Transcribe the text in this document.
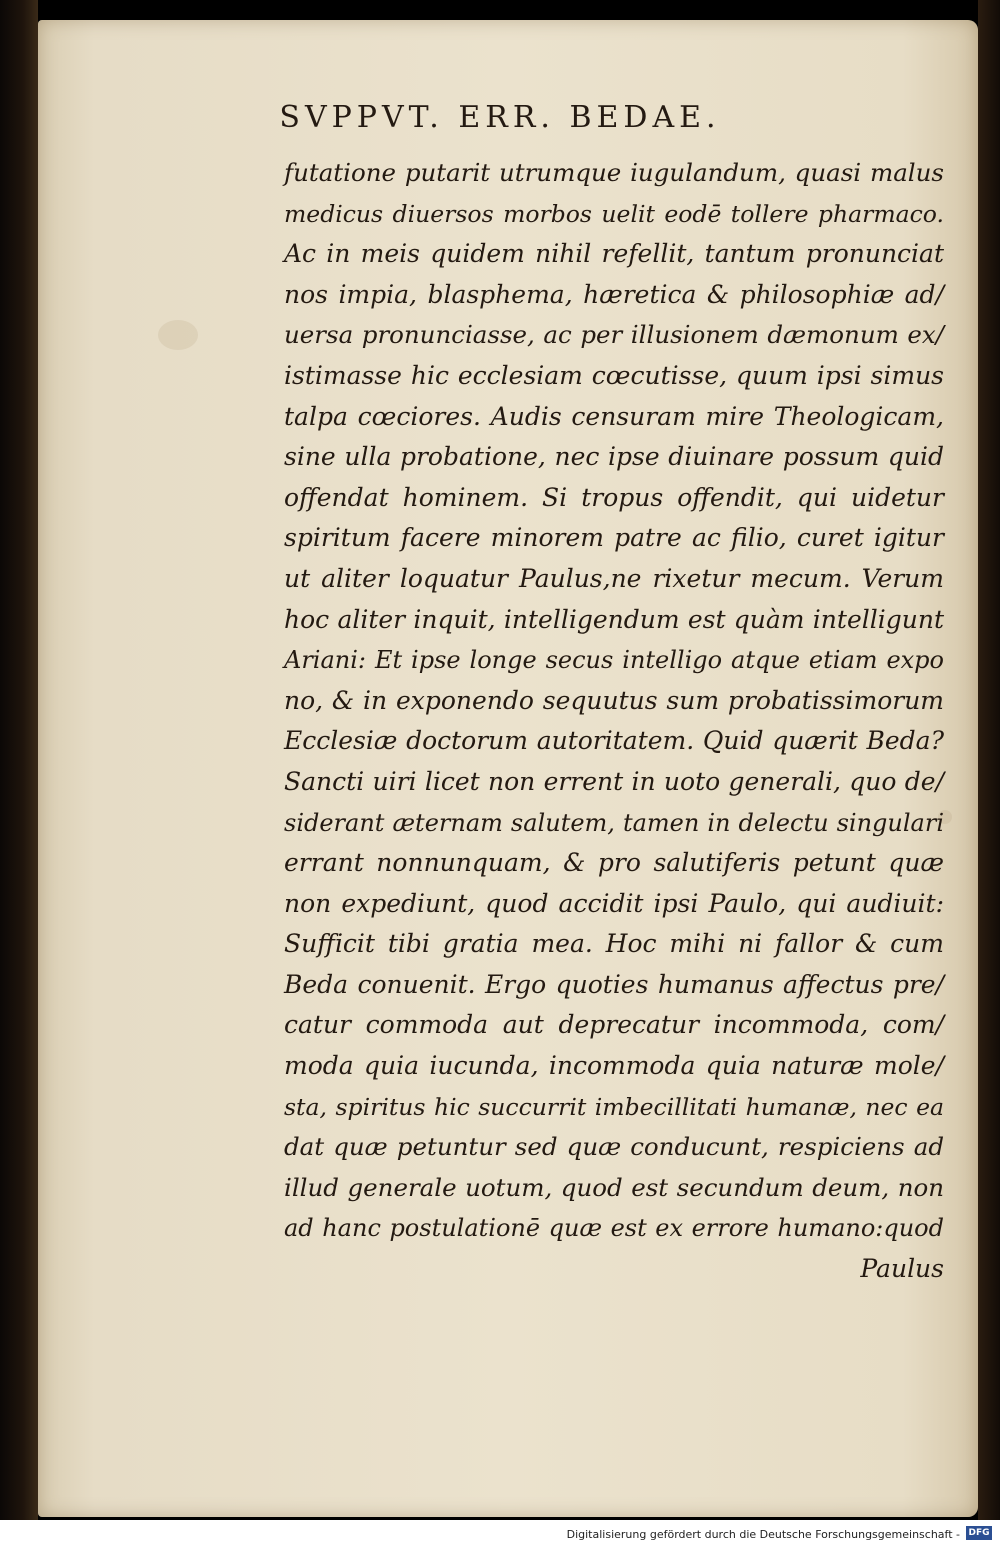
SVPPVT. ERR. BEDAE.
futatione putarit utrumque iugulandum, quasi malus
medicus diuersos morbos uelit eodē tollere pharmaco.
Ac in meis quidem nihil refellit, tantum pronunciat
nos impia, blasphema, hæretica & philosophiæ ad/
uersa pronunciasse, ac per illusionem dæmonum ex/
istimasse hic ecclesiam cœcutisse, quum ipsi simus
talpa cœciores. Audis censuram mire Theologicam,
sine ulla probatione, nec ipse diuinare possum quid
offendat hominem. Si tropus offendit, qui uidetur
spiritum facere minorem patre ac filio, curet igitur
ut aliter loquatur Paulus,ne rixetur mecum. Verum
hoc aliter inquit, intelligendum est quàm intelligunt
Ariani: Et ipse longe secus intelligo atque etiam expo
no, & in exponendo sequutus sum probatissimorum
Ecclesiæ doctorum autoritatem. Quid quærit Beda?
Sancti uiri licet non errent in uoto generali, quo de/
siderant æternam salutem, tamen in delectu singulari
errant nonnunquam, & pro salutiferis petunt quæ
non expediunt, quod accidit ipsi Paulo, qui audiuit:
Sufficit tibi gratia mea. Hoc mihi ni fallor & cum
Beda conuenit. Ergo quoties humanus affectus pre/
catur commoda aut deprecatur incommoda, com/
moda quia iucunda, incommoda quia naturæ mole/
sta, spiritus hic succurrit imbecillitati humanæ, nec ea
dat quæ petuntur sed quæ conducunt, respiciens ad
illud generale uotum, quod est secundum deum, non
ad hanc postulationē quæ est ex errore humano:quod
Paulus
Digitalisierung gefördert durch die Deutsche Forschungsgemeinschaft - DFG
